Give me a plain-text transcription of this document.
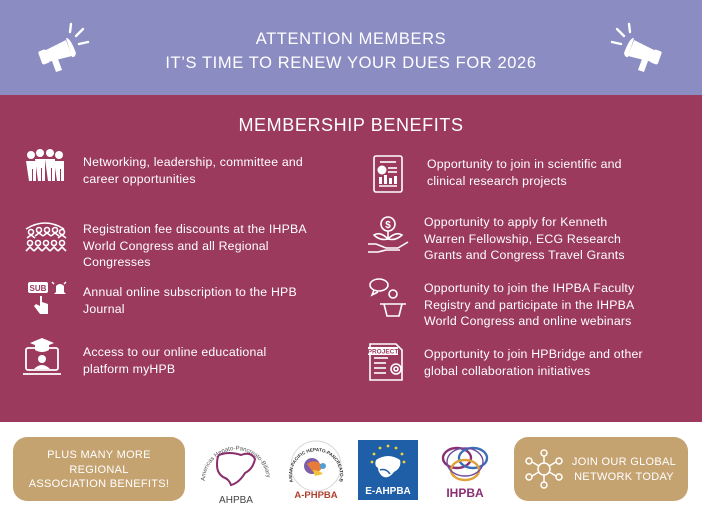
ATTENTION MEMBERS
IT’S TIME TO RENEW YOUR DUES FOR 2026
MEMBERSHIP BENEFITS
Networking, leadership, committee and
career opportunities
Registration fee discounts at the IHPBA
World Congress and all Regional
Congresses
SUB	Annual online subscription to the HPB
Journal
Access to our online educational
platform myHPB
Opportunity to join in scientific and
clinical research projects
$	Opportunity to apply for Kenneth
Warren Fellowship, ECG Research
Grants and Congress Travel Grants
Opportunity to join the IHPBA Faculty
Registry and participate in the IHPBA
World Congress and online webinars
PROJECT Opportunity to join HPBridge and other
global collaboration initiatives
PLUS MANY MORE
REGIONAL
ASSOCIATION BENEFITS!	Americas Hepato-Pancreato-Biliary
AHPBA
ASIAN-PACIFIC HEPATO-PANCREATO-B
A-PHPBA	E-AHPBA	IHPBA
JOIN OUR GLOBAL
NETWORK TODAY
